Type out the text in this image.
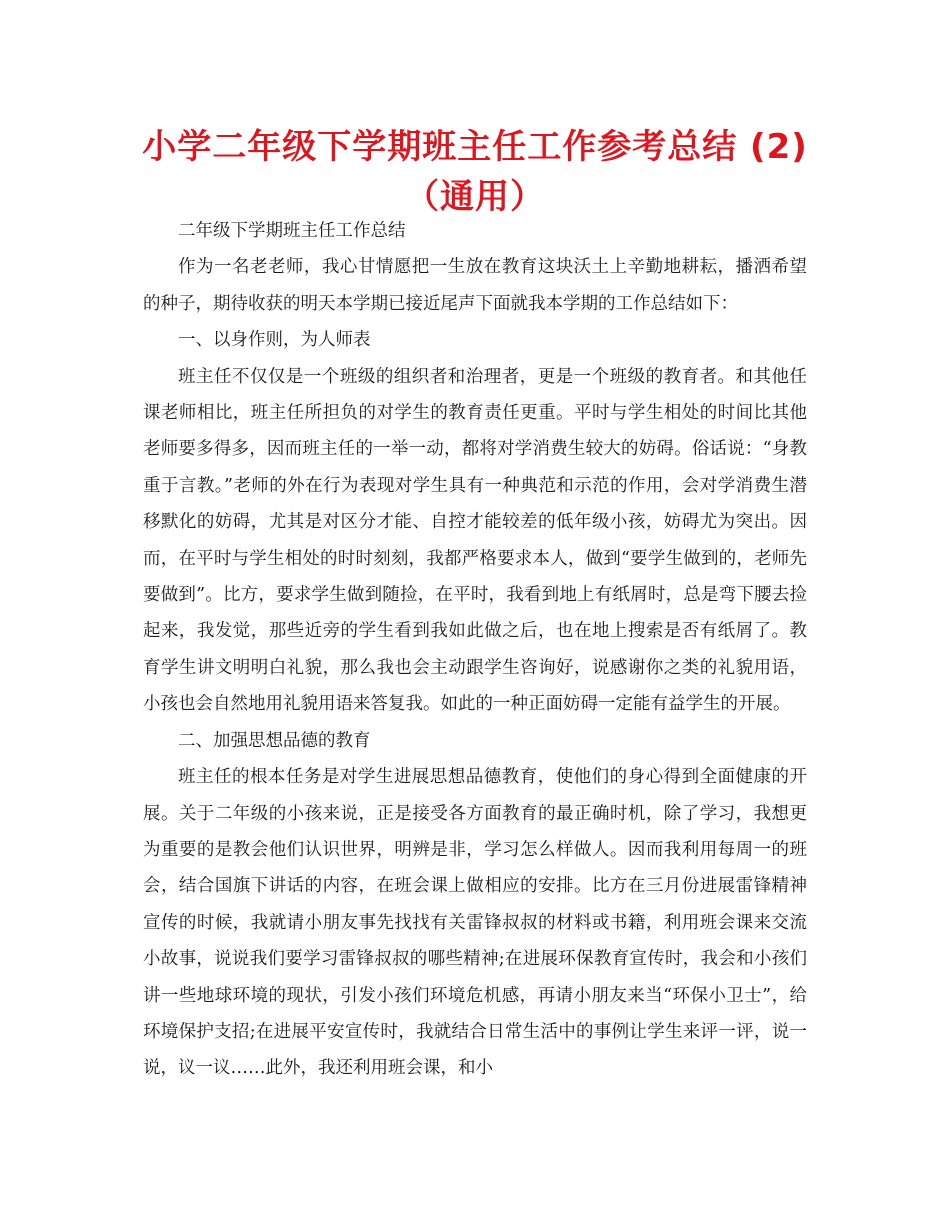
小学二年级下学期班主任工作参考总结 (2)（通用）

二年级下学期班主任工作总结

作为一名老老师，我心甘情愿把一生放在教育这块沃土上辛勤地耕耘，播洒希望的种子，期待收获的明天本学期已接近尾声下面就我本学期的工作总结如下：

一、以身作则，为人师表

班主任不仅仅是一个班级的组织者和治理者，更是一个班级的教育者。和其他任课老师相比，班主任所担负的对学生的教育责任更重。平时与学生相处的时间比其他老师要多得多，因而班主任的一举一动，都将对学消费生较大的妨碍。俗话说：“身教重于言教。”老师的外在行为表现对学生具有一种典范和示范的作用，会对学消费生潜移默化的妨碍，尤其是对区分才能、自控才能较差的低年级小孩，妨碍尤为突出。因而，在平时与学生相处的时时刻刻，我都严格要求本人，做到“要学生做到的，老师先要做到”。比方，要求学生做到随捡，在平时，我看到地上有纸屑时，总是弯下腰去捡起来，我发觉，那些近旁的学生看到我如此做之后，也在地上搜索是否有纸屑了。教育学生讲文明明白礼貌，那么我也会主动跟学生咨询好，说感谢你之类的礼貌用语，小孩也会自然地用礼貌用语来答复我。如此的一种正面妨碍一定能有益学生的开展。

二、加强思想品德的教育

班主任的根本任务是对学生进展思想品德教育，使他们的身心得到全面健康的开展。关于二年级的小孩来说，正是接受各方面教育的最正确时机，除了学习，我想更为重要的是教会他们认识世界，明辨是非，学习怎么样做人。因而我利用每周一的班会，结合国旗下讲话的内容，在班会课上做相应的安排。比方在三月份进展雷锋精神宣传的时候，我就请小朋友事先找找有关雷锋叔叔的材料或书籍，利用班会课来交流小故事，说说我们要学习雷锋叔叔的哪些精神;在进展环保教育宣传时，我会和小孩们讲一些地球环境的现状，引发小孩们环境危机感，再请小朋友来当“环保小卫士”，给环境保护支招;在进展平安宣传时，我就结合日常生活中的事例让学生来评一评，说一说，议一议……此外，我还利用班会课，和小
